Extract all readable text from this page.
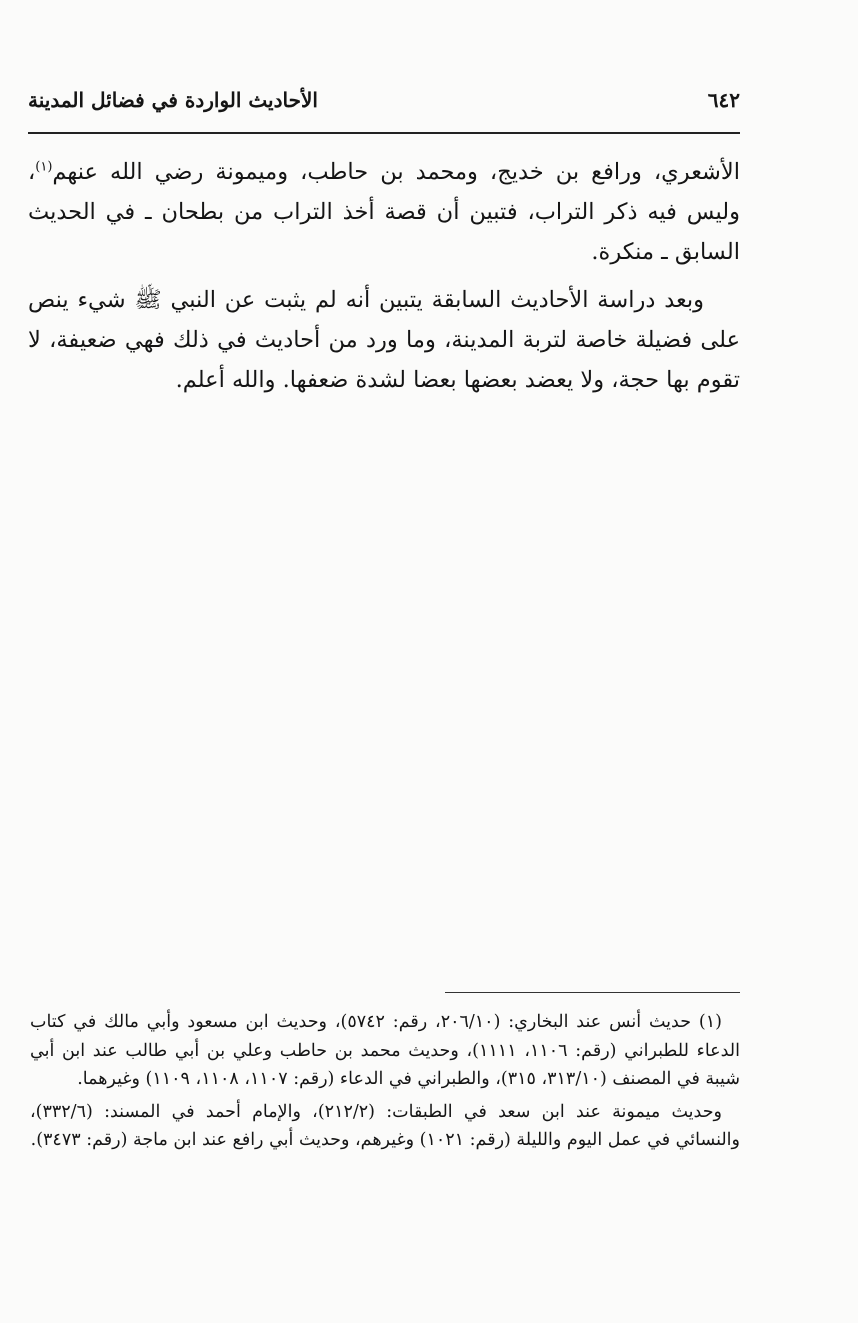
٦٤٢
الأحاديث الواردة في فضائل المدينة

الأشعري، ورافع بن خديج، ومحمد بن حاطب، وميمونة رضي الله عنهم$^{(١)}$، وليس فيه ذكر التراب، فتبين أن قصة أخذ التراب من بطحان ـ في الحديث السابق ـ منكرة.

وبعد دراسة الأحاديث السابقة يتبين أنه لم يثبت عن النبي ﷺ شيء ينص على فضيلة خاصة لتربة المدينة، وما ورد من أحاديث في ذلك فهي ضعيفة، لا تقوم بها حجة، ولا يعضد بعضها بعضا لشدة ضعفها. والله أعلم.

(١) حديث أنس عند البخاري: (٢٠٦/١٠، رقم: ٥٧٤٢)، وحديث ابن مسعود وأبي مالك في كتاب الدعاء للطبراني (رقم: ١١٠٦، ١١١١)، وحديث محمد بن حاطب وعلي بن أبي طالب عند ابن أبي شيبة في المصنف (٣١٣/١٠، ٣١٥)، والطبراني في الدعاء (رقم: ١١٠٧، ١١٠٨، ١١٠٩) وغيرهما.

وحديث ميمونة عند ابن سعد في الطبقات: (٢١٢/٢)، والإمام أحمد في المسند: (٣٣٢/٦)، والنسائي في عمل اليوم والليلة (رقم: ١٠٢١) وغيرهم، وحديث أبي رافع عند ابن ماجة (رقم: ٣٤٧٣).
